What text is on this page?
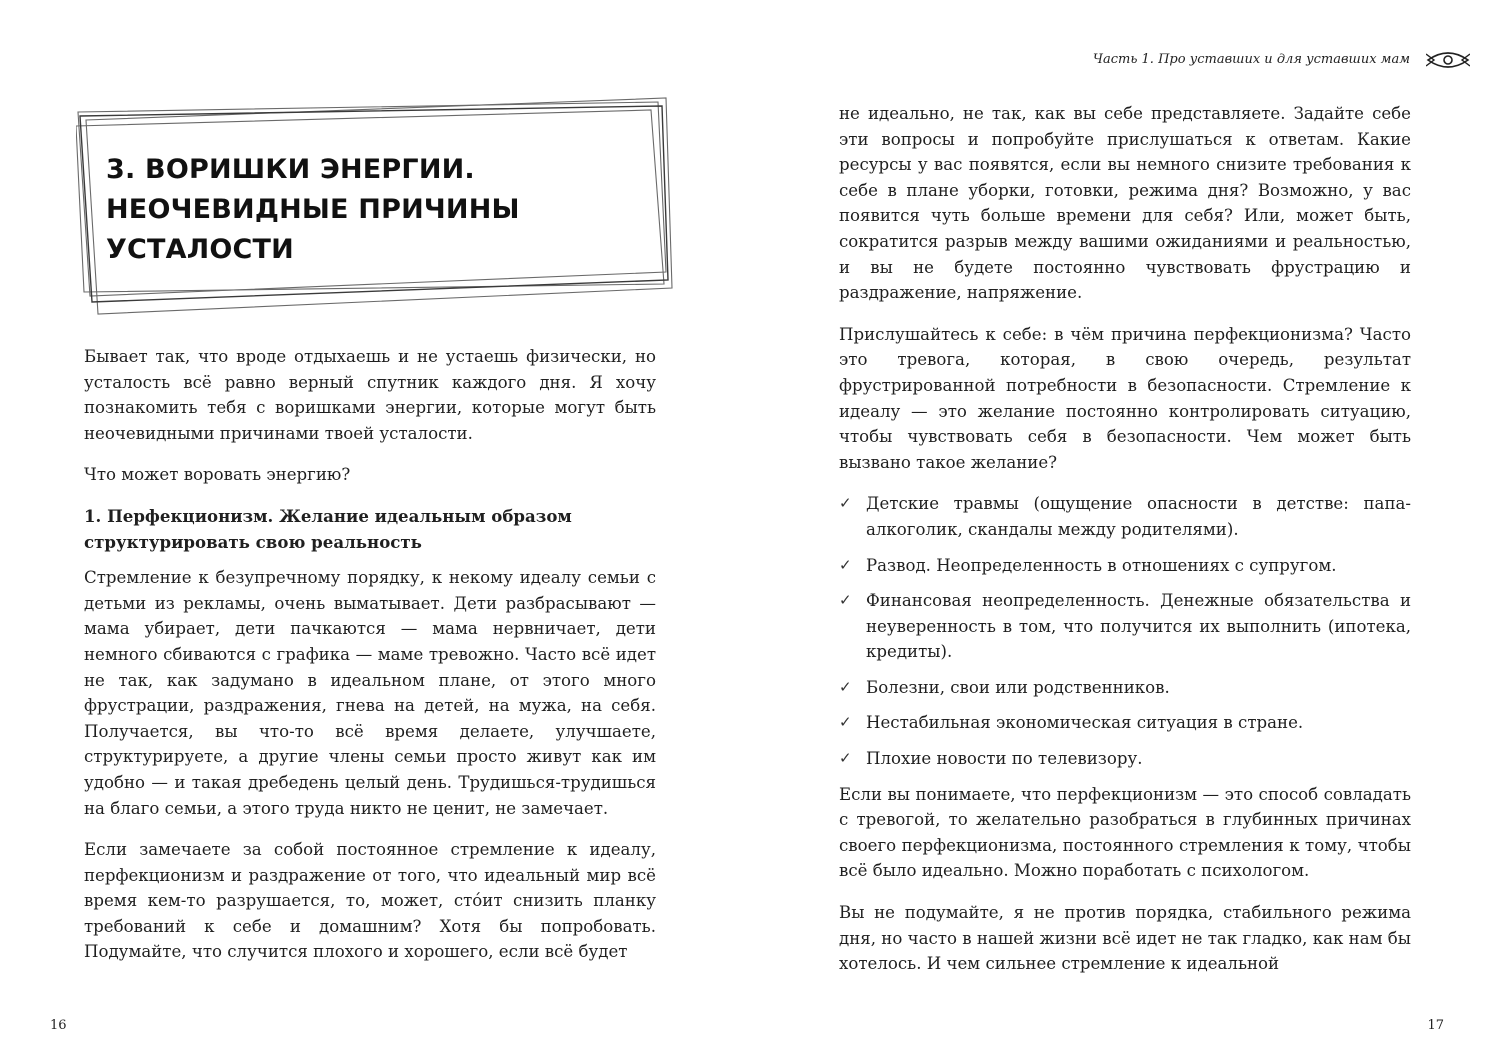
3. ВОРИШКИ ЭНЕРГИИ. НЕОЧЕВИДНЫЕ ПРИЧИНЫ УСТАЛОСТИ

Бывает так, что вроде отдыхаешь и не устаешь физически, но усталость всё равно верный спутник каждого дня. Я хочу познакомить тебя с воришками энергии, которые могут быть неочевидными причинами твоей усталости.

Что может воровать энергию?

1. Перфекционизм. Желание идеальным образом структурировать свою реальность

Стремление к безупречному порядку, к некому идеалу семьи с детьми из рекламы, очень выматывает. Дети разбрасывают — мама убирает, дети пачкаются — мама нервничает, дети немного сбиваются с графика — маме тревожно. Часто всё идет не так, как задумано в идеальном плане, от этого много фрустрации, раздражения, гнева на детей, на мужа, на себя. Получается, вы что-то всё время делаете, улучшаете, структурируете, а другие члены семьи просто живут как им удобно — и такая дребедень целый день. Трудишься-трудишься на благо семьи, а этого труда никто не ценит, не замечает.

Если замечаете за собой постоянное стремление к идеалу, перфекционизм и раздражение от того, что идеальный мир всё время кем-то разрушается, то, может, стóит снизить планку требований к себе и домашним? Хотя бы попробовать. Подумайте, что случится плохого и хорошего, если всё будет

16
Часть 1. Про уставших и для уставших мам

не идеально, не так, как вы себе представляете. Задайте себе эти вопросы и попробуйте прислушаться к ответам. Какие ресурсы у вас появятся, если вы немного снизите требования к себе в плане уборки, готовки, режима дня? Возможно, у вас появится чуть больше времени для себя? Или, может быть, сократится разрыв между вашими ожиданиями и реальностью, и вы не будете постоянно чувствовать фрустрацию и раздражение, напряжение.

Прислушайтесь к себе: в чём причина перфекционизма? Часто это тревога, которая, в свою очередь, результат фрустрированной потребности в безопасности. Стремление к идеалу — это желание постоянно контролировать ситуацию, чтобы чувствовать себя в безопасности. Чем может быть вызвано такое желание?

✓ Детские травмы (ощущение опасности в детстве: папа-алкоголик, скандалы между родителями).
✓ Развод. Неопределенность в отношениях с супругом.
✓ Финансовая неопределенность. Денежные обязательства и неуверенность в том, что получится их выполнить (ипотека, кредиты).
✓ Болезни, свои или родственников.
✓ Нестабильная экономическая ситуация в стране.
✓ Плохие новости по телевизору.

Если вы понимаете, что перфекционизм — это способ совладать с тревогой, то желательно разобраться в глубинных причинах своего перфекционизма, постоянного стремления к тому, чтобы всё было идеально. Можно поработать с психологом.

Вы не подумайте, я не против порядка, стабильного режима дня, но часто в нашей жизни всё идет не так гладко, как нам бы хотелось. И чем сильнее стремление к идеальной

17
